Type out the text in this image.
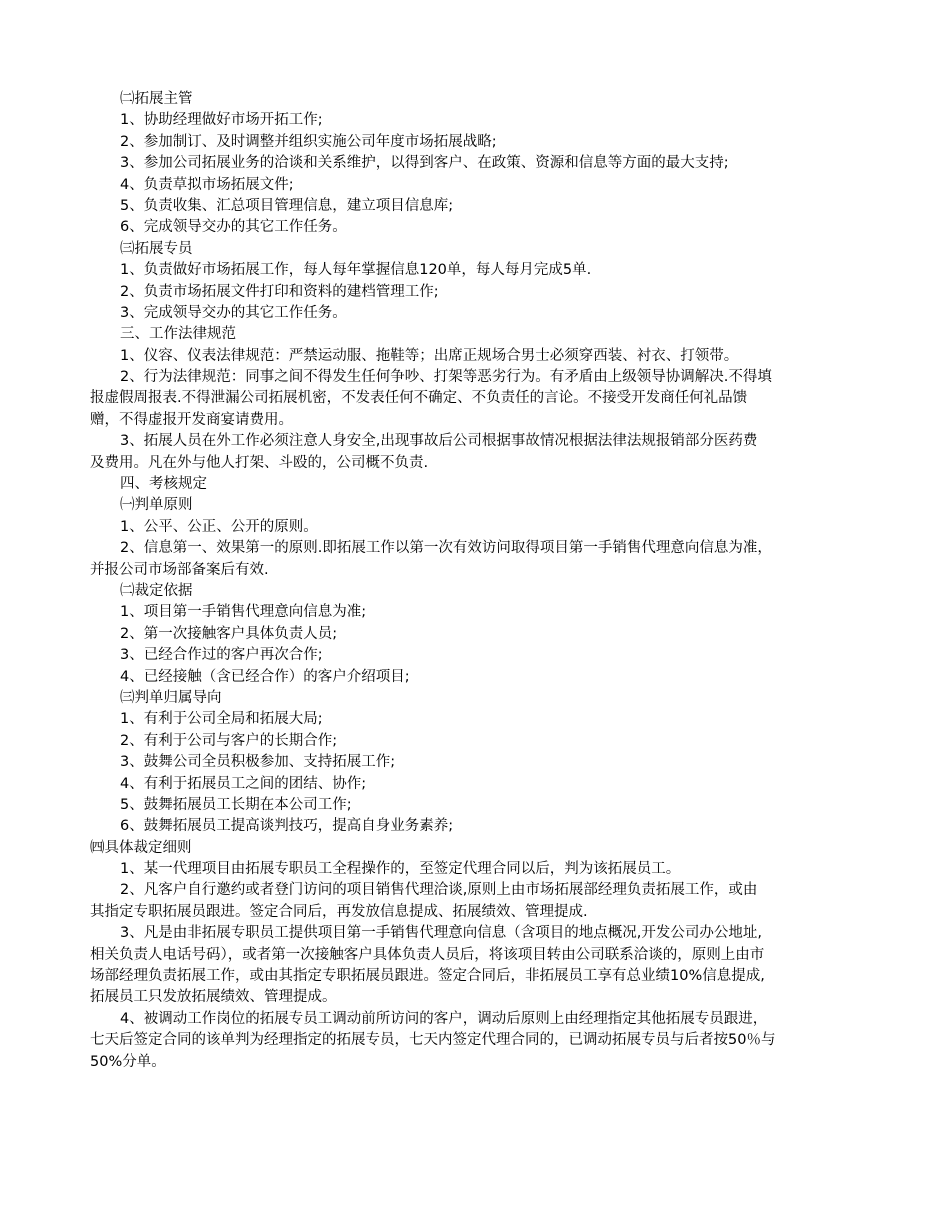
㈡拓展主管
1、协助经理做好市场开拓工作;
2、参加制订、及时调整并组织实施公司年度市场拓展战略;
3、参加公司拓展业务的洽谈和关系维护，以得到客户、在政策、资源和信息等方面的最大支持;
4、负责草拟市场拓展文件;
5、负责收集、汇总项目管理信息，建立项目信息库;
6、完成领导交办的其它工作任务。
㈢拓展专员
1、负责做好市场拓展工作，每人每年掌握信息120单，每人每月完成5单.
2、负责市场拓展文件打印和资料的建档管理工作;
3、完成领导交办的其它工作任务。
三、工作法律规范
1、仪容、仪表法律规范：严禁运动服、拖鞋等；出席正规场合男士必须穿西装、衬衣、打领带。
2、行为法律规范：同事之间不得发生任何争吵、打架等恶劣行为。有矛盾由上级领导协调解决.不得填
报虚假周报表.不得泄漏公司拓展机密，不发表任何不确定、不负责任的言论。不接受开发商任何礼品馈
赠，不得虚报开发商宴请费用。
3、拓展人员在外工作必须注意人身安全,出现事故后公司根据事故情况根据法律法规报销部分医药费
及费用。凡在外与他人打架、斗殴的，公司概不负责.
四、考核规定
㈠判单原则
1、公平、公正、公开的原则。
2、信息第一、效果第一的原则.即拓展工作以第一次有效访问取得项目第一手销售代理意向信息为准，
并报公司市场部备案后有效.
㈡裁定依据
1、项目第一手销售代理意向信息为准;
2、第一次接触客户具体负责人员;
3、已经合作过的客户再次合作;
4、已经接触（含已经合作）的客户介绍项目;
㈢判单归属导向
1、有利于公司全局和拓展大局;
2、有利于公司与客户的长期合作;
3、鼓舞公司全员积极参加、支持拓展工作;
4、有利于拓展员工之间的团结、协作;
5、鼓舞拓展员工长期在本公司工作;
6、鼓舞拓展员工提高谈判技巧，提高自身业务素养;
㈣具体裁定细则
1、某一代理项目由拓展专职员工全程操作的，至签定代理合同以后，判为该拓展员工。
2、凡客户自行邀约或者登门访问的项目销售代理洽谈,原则上由市场拓展部经理负责拓展工作，或由
其指定专职拓展员跟进。签定合同后，再发放信息提成、拓展绩效、管理提成.
3、凡是由非拓展专职员工提供项目第一手销售代理意向信息（含项目的地点概况,开发公司办公地址,
相关负责人电话号码），或者第一次接触客户具体负责人员后，将该项目转由公司联系洽谈的，原则上由市
场部经理负责拓展工作，或由其指定专职拓展员跟进。签定合同后，非拓展员工享有总业绩10%信息提成,
拓展员工只发放拓展绩效、管理提成。
4、被调动工作岗位的拓展专员工调动前所访问的客户，调动后原则上由经理指定其他拓展专员跟进，
七天后签定合同的该单判为经理指定的拓展专员，七天内签定代理合同的，已调动拓展专员与后者按50％与
50%分单。
